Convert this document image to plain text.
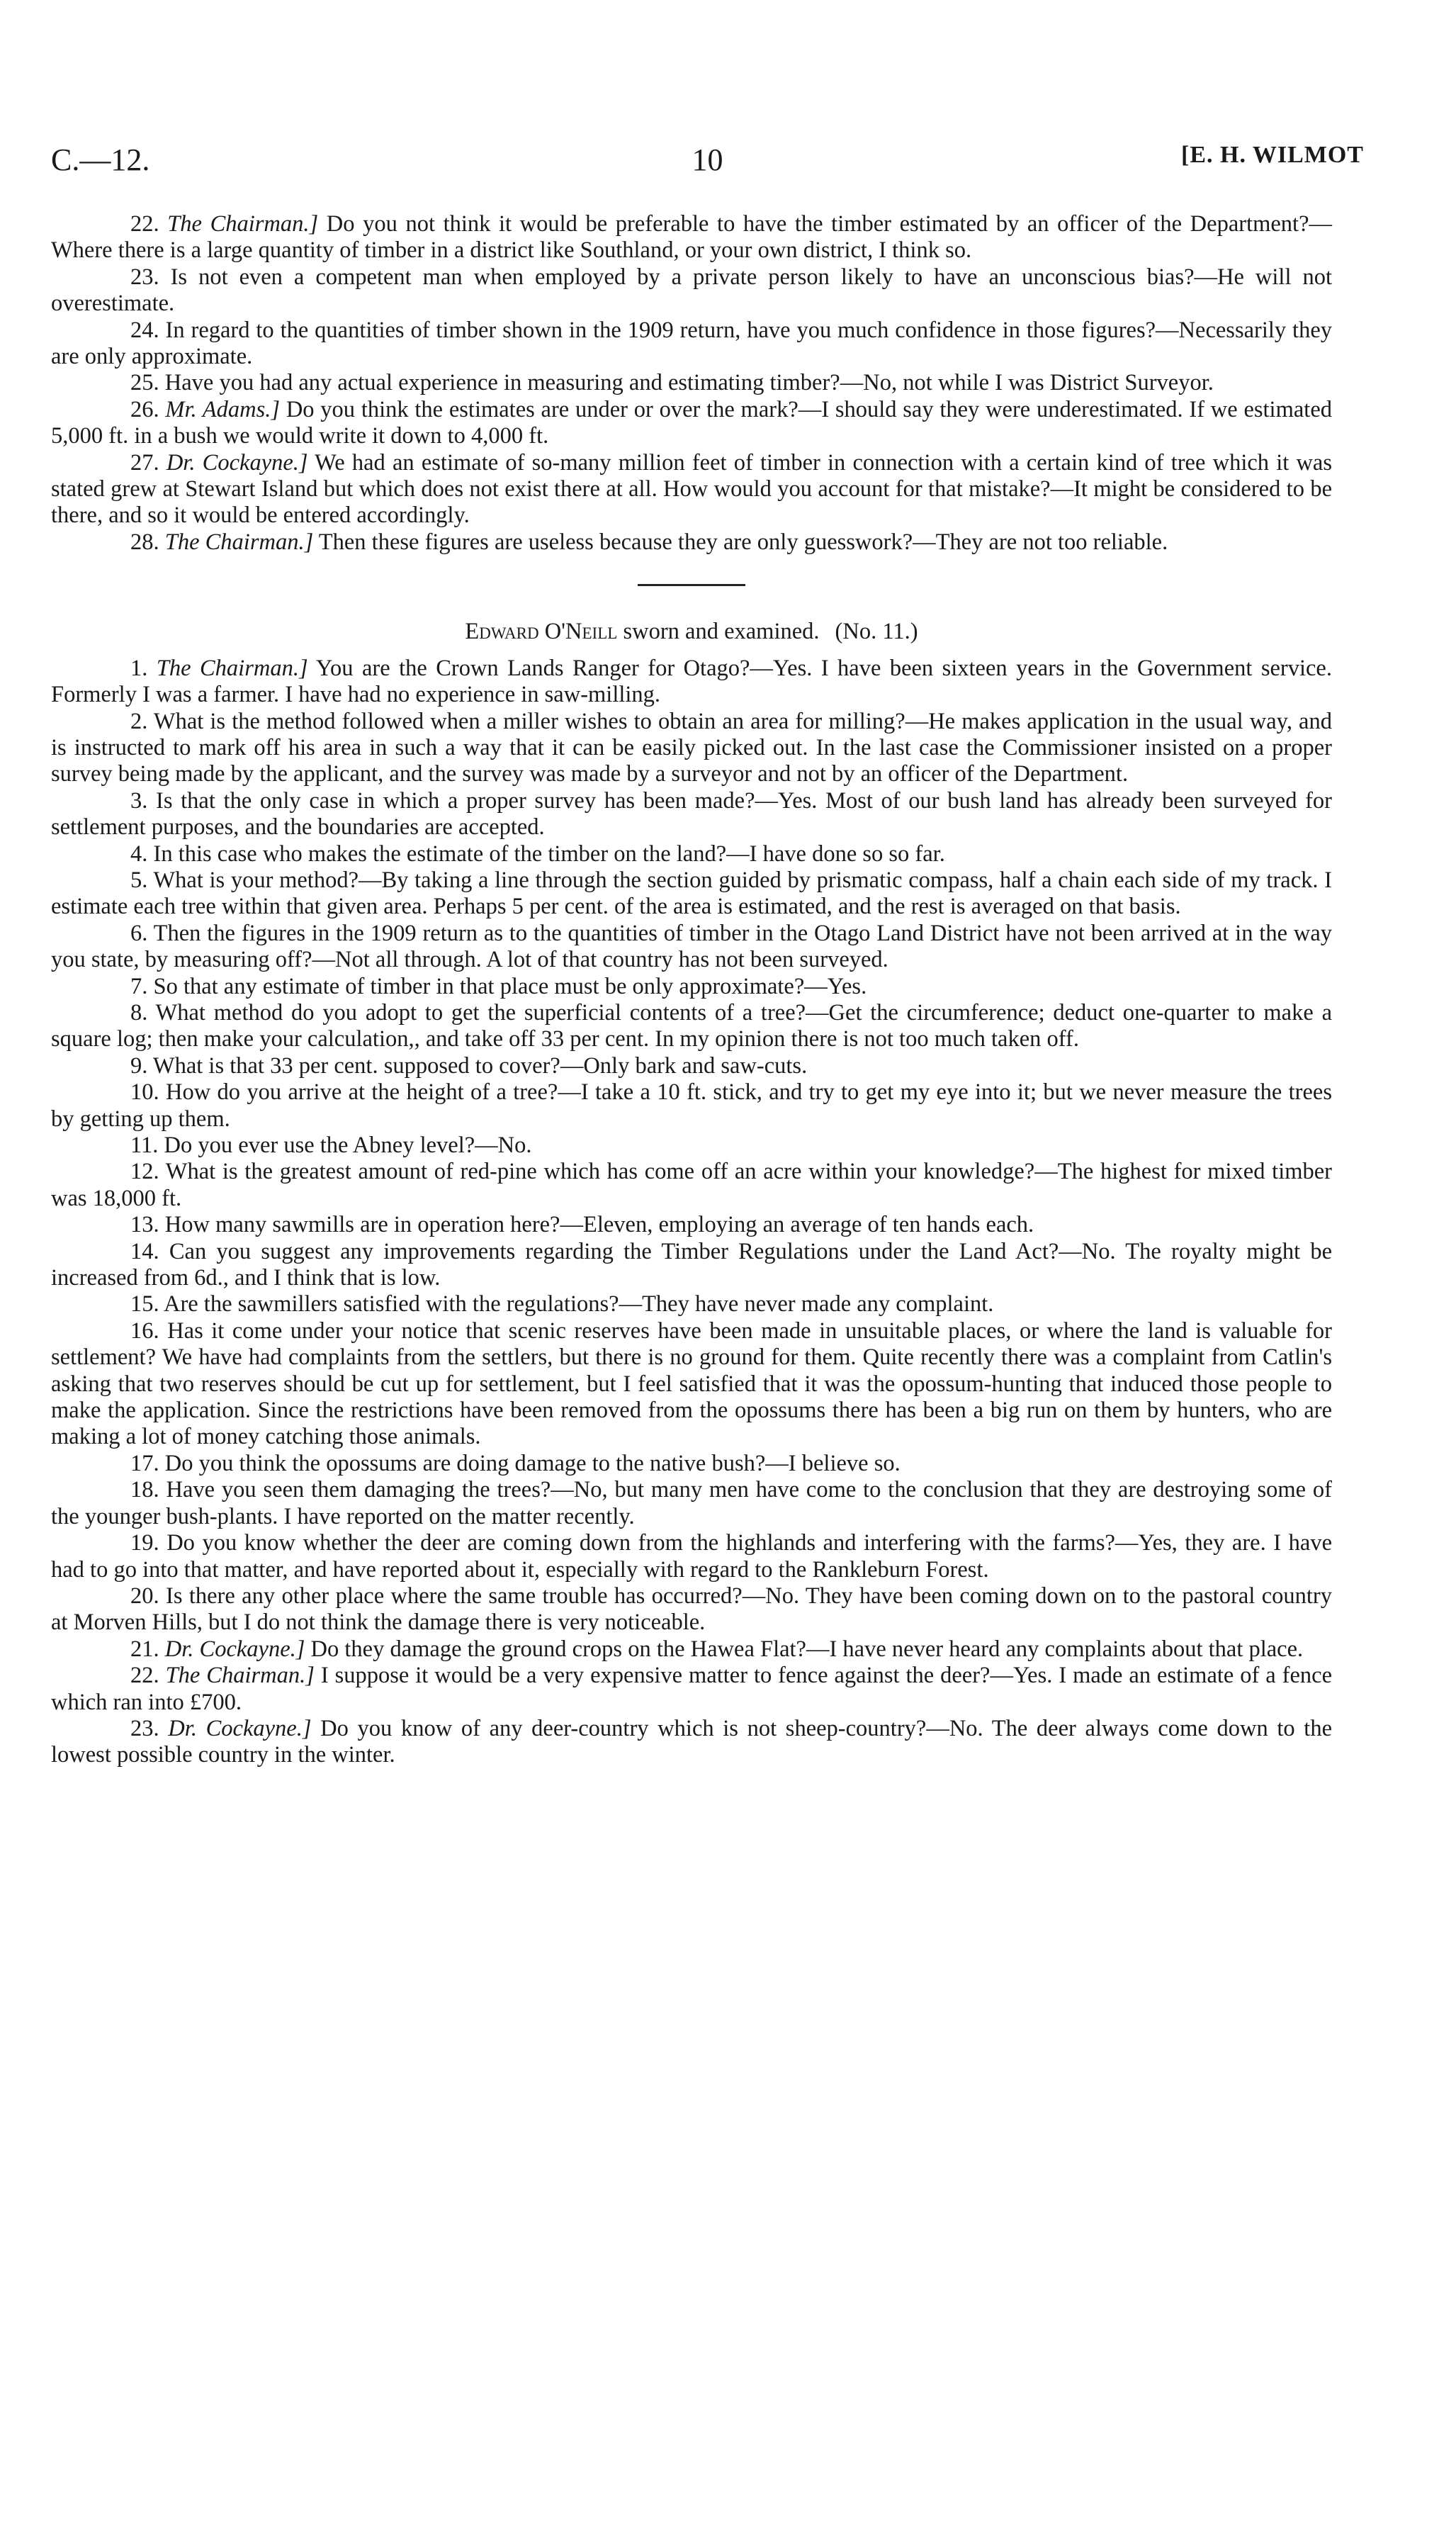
C.—12.	10	[E. H. WILMOT

22. The Chairman.] Do you not think it would be preferable to have the timber estimated by an officer of the Department?—Where there is a large quantity of timber in a district like Southland, or your own district, I think so.

23. Is not even a competent man when employed by a private person likely to have an unconscious bias?—He will not overestimate.

24. In regard to the quantities of timber shown in the 1909 return, have you much confidence in those figures?—Necessarily they are only approximate.

25. Have you had any actual experience in measuring and estimating timber?—No, not while I was District Surveyor.

26. Mr. Adams.] Do you think the estimates are under or over the mark?—I should say they were underestimated. If we estimated 5,000 ft. in a bush we would write it down to 4,000 ft.

27. Dr. Cockayne.] We had an estimate of so-many million feet of timber in connection with a certain kind of tree which it was stated grew at Stewart Island but which does not exist there at all. How would you account for that mistake?—It might be considered to be there, and so it would be entered accordingly.

28. The Chairman.] Then these figures are useless because they are only guesswork?—They are not too reliable.

Edward O'Neill sworn and examined. (No. 11.)

1. The Chairman.] You are the Crown Lands Ranger for Otago?—Yes. I have been sixteen years in the Government service. Formerly I was a farmer. I have had no experience in saw-milling.

2. What is the method followed when a miller wishes to obtain an area for milling?—He makes application in the usual way, and is instructed to mark off his area in such a way that it can be easily picked out. In the last case the Commissioner insisted on a proper survey being made by the applicant, and the survey was made by a surveyor and not by an officer of the Department.

3. Is that the only case in which a proper survey has been made?—Yes. Most of our bush land has already been surveyed for settlement purposes, and the boundaries are accepted.

4. In this case who makes the estimate of the timber on the land?—I have done so so far.

5. What is your method?—By taking a line through the section guided by prismatic compass, half a chain each side of my track. I estimate each tree within that given area. Perhaps 5 per cent. of the area is estimated, and the rest is averaged on that basis.

6. Then the figures in the 1909 return as to the quantities of timber in the Otago Land District have not been arrived at in the way you state, by measuring off?—Not all through. A lot of that country has not been surveyed.

7. So that any estimate of timber in that place must be only approximate?—Yes.

8. What method do you adopt to get the superficial contents of a tree?—Get the circumference; deduct one-quarter to make a square log; then make your calculation,, and take off 33 per cent. In my opinion there is not too much taken off.

9. What is that 33 per cent. supposed to cover?—Only bark and saw-cuts.

10. How do you arrive at the height of a tree?—I take a 10 ft. stick, and try to get my eye into it; but we never measure the trees by getting up them.

11. Do you ever use the Abney level?—No.

12. What is the greatest amount of red-pine which has come off an acre within your knowledge?—The highest for mixed timber was 18,000 ft.

13. How many sawmills are in operation here?—Eleven, employing an average of ten hands each.

14. Can you suggest any improvements regarding the Timber Regulations under the Land Act?—No. The royalty might be increased from 6d., and I think that is low.

15. Are the sawmillers satisfied with the regulations?—They have never made any complaint.

16. Has it come under your notice that scenic reserves have been made in unsuitable places, or where the land is valuable for settlement? We have had complaints from the settlers, but there is no ground for them. Quite recently there was a complaint from Catlin's asking that two reserves should be cut up for settlement, but I feel satisfied that it was the opossum-hunting that induced those people to make the application. Since the restrictions have been removed from the opossums there has been a big run on them by hunters, who are making a lot of money catching those animals.

17. Do you think the opossums are doing damage to the native bush?—I believe so.

18. Have you seen them damaging the trees?—No, but many men have come to the conclusion that they are destroying some of the younger bush-plants. I have reported on the matter recently.

19. Do you know whether the deer are coming down from the highlands and interfering with the farms?—Yes, they are. I have had to go into that matter, and have reported about it, especially with regard to the Rankleburn Forest.

20. Is there any other place where the same trouble has occurred?—No. They have been coming down on to the pastoral country at Morven Hills, but I do not think the damage there is very noticeable.

21. Dr. Cockayne.] Do they damage the ground crops on the Hawea Flat?—I have never heard any complaints about that place.

22. The Chairman.] I suppose it would be a very expensive matter to fence against the deer?—Yes. I made an estimate of a fence which ran into £700.

23. Dr. Cockayne.] Do you know of any deer-country which is not sheep-country?—No. The deer always come down to the lowest possible country in the winter.
